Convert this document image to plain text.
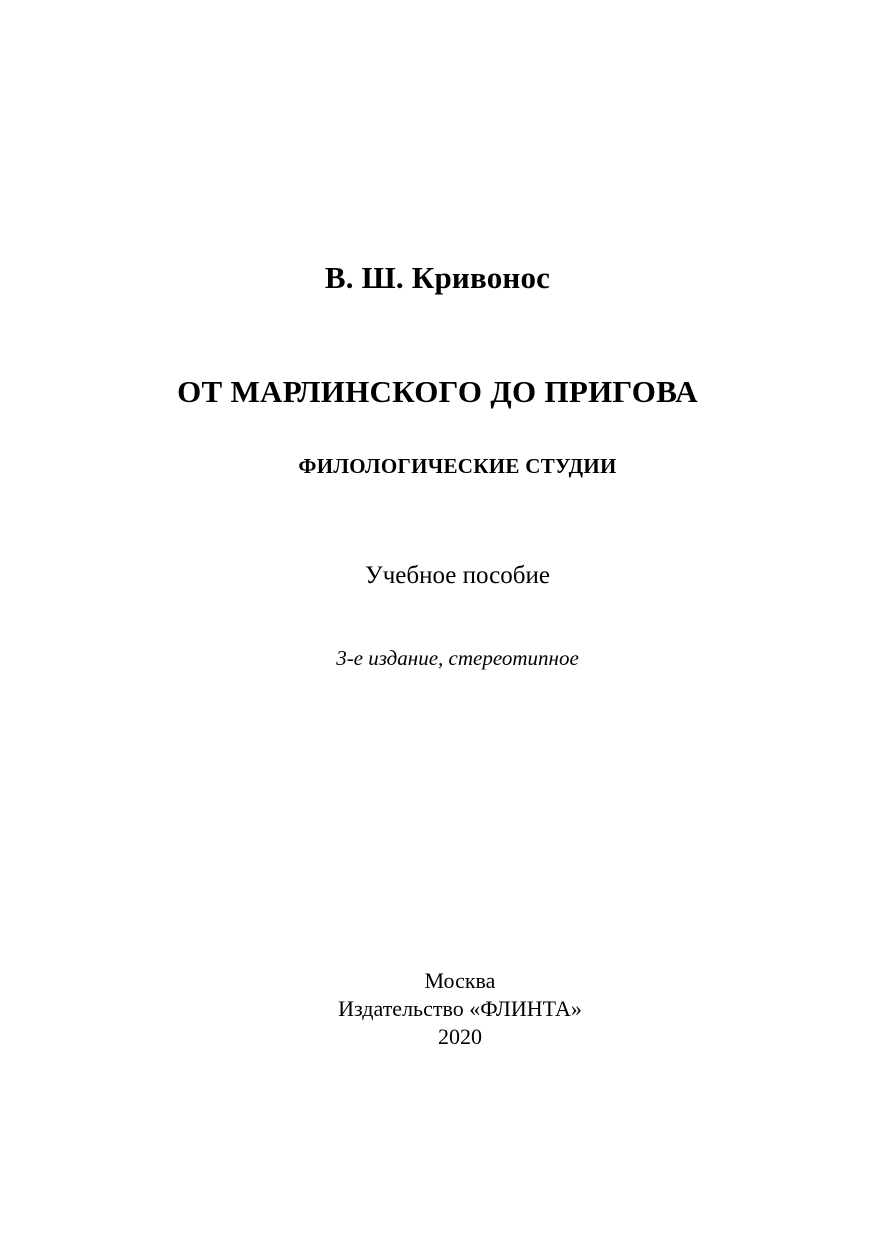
В. Ш. Кривонос
ОТ МАРЛИНСКОГО ДО ПРИГОВА
ФИЛОЛОГИЧЕСКИЕ СТУДИИ
Учебное пособие
3-е издание, стереотипное
Москва
Издательство «ФЛИНТА»
2020
